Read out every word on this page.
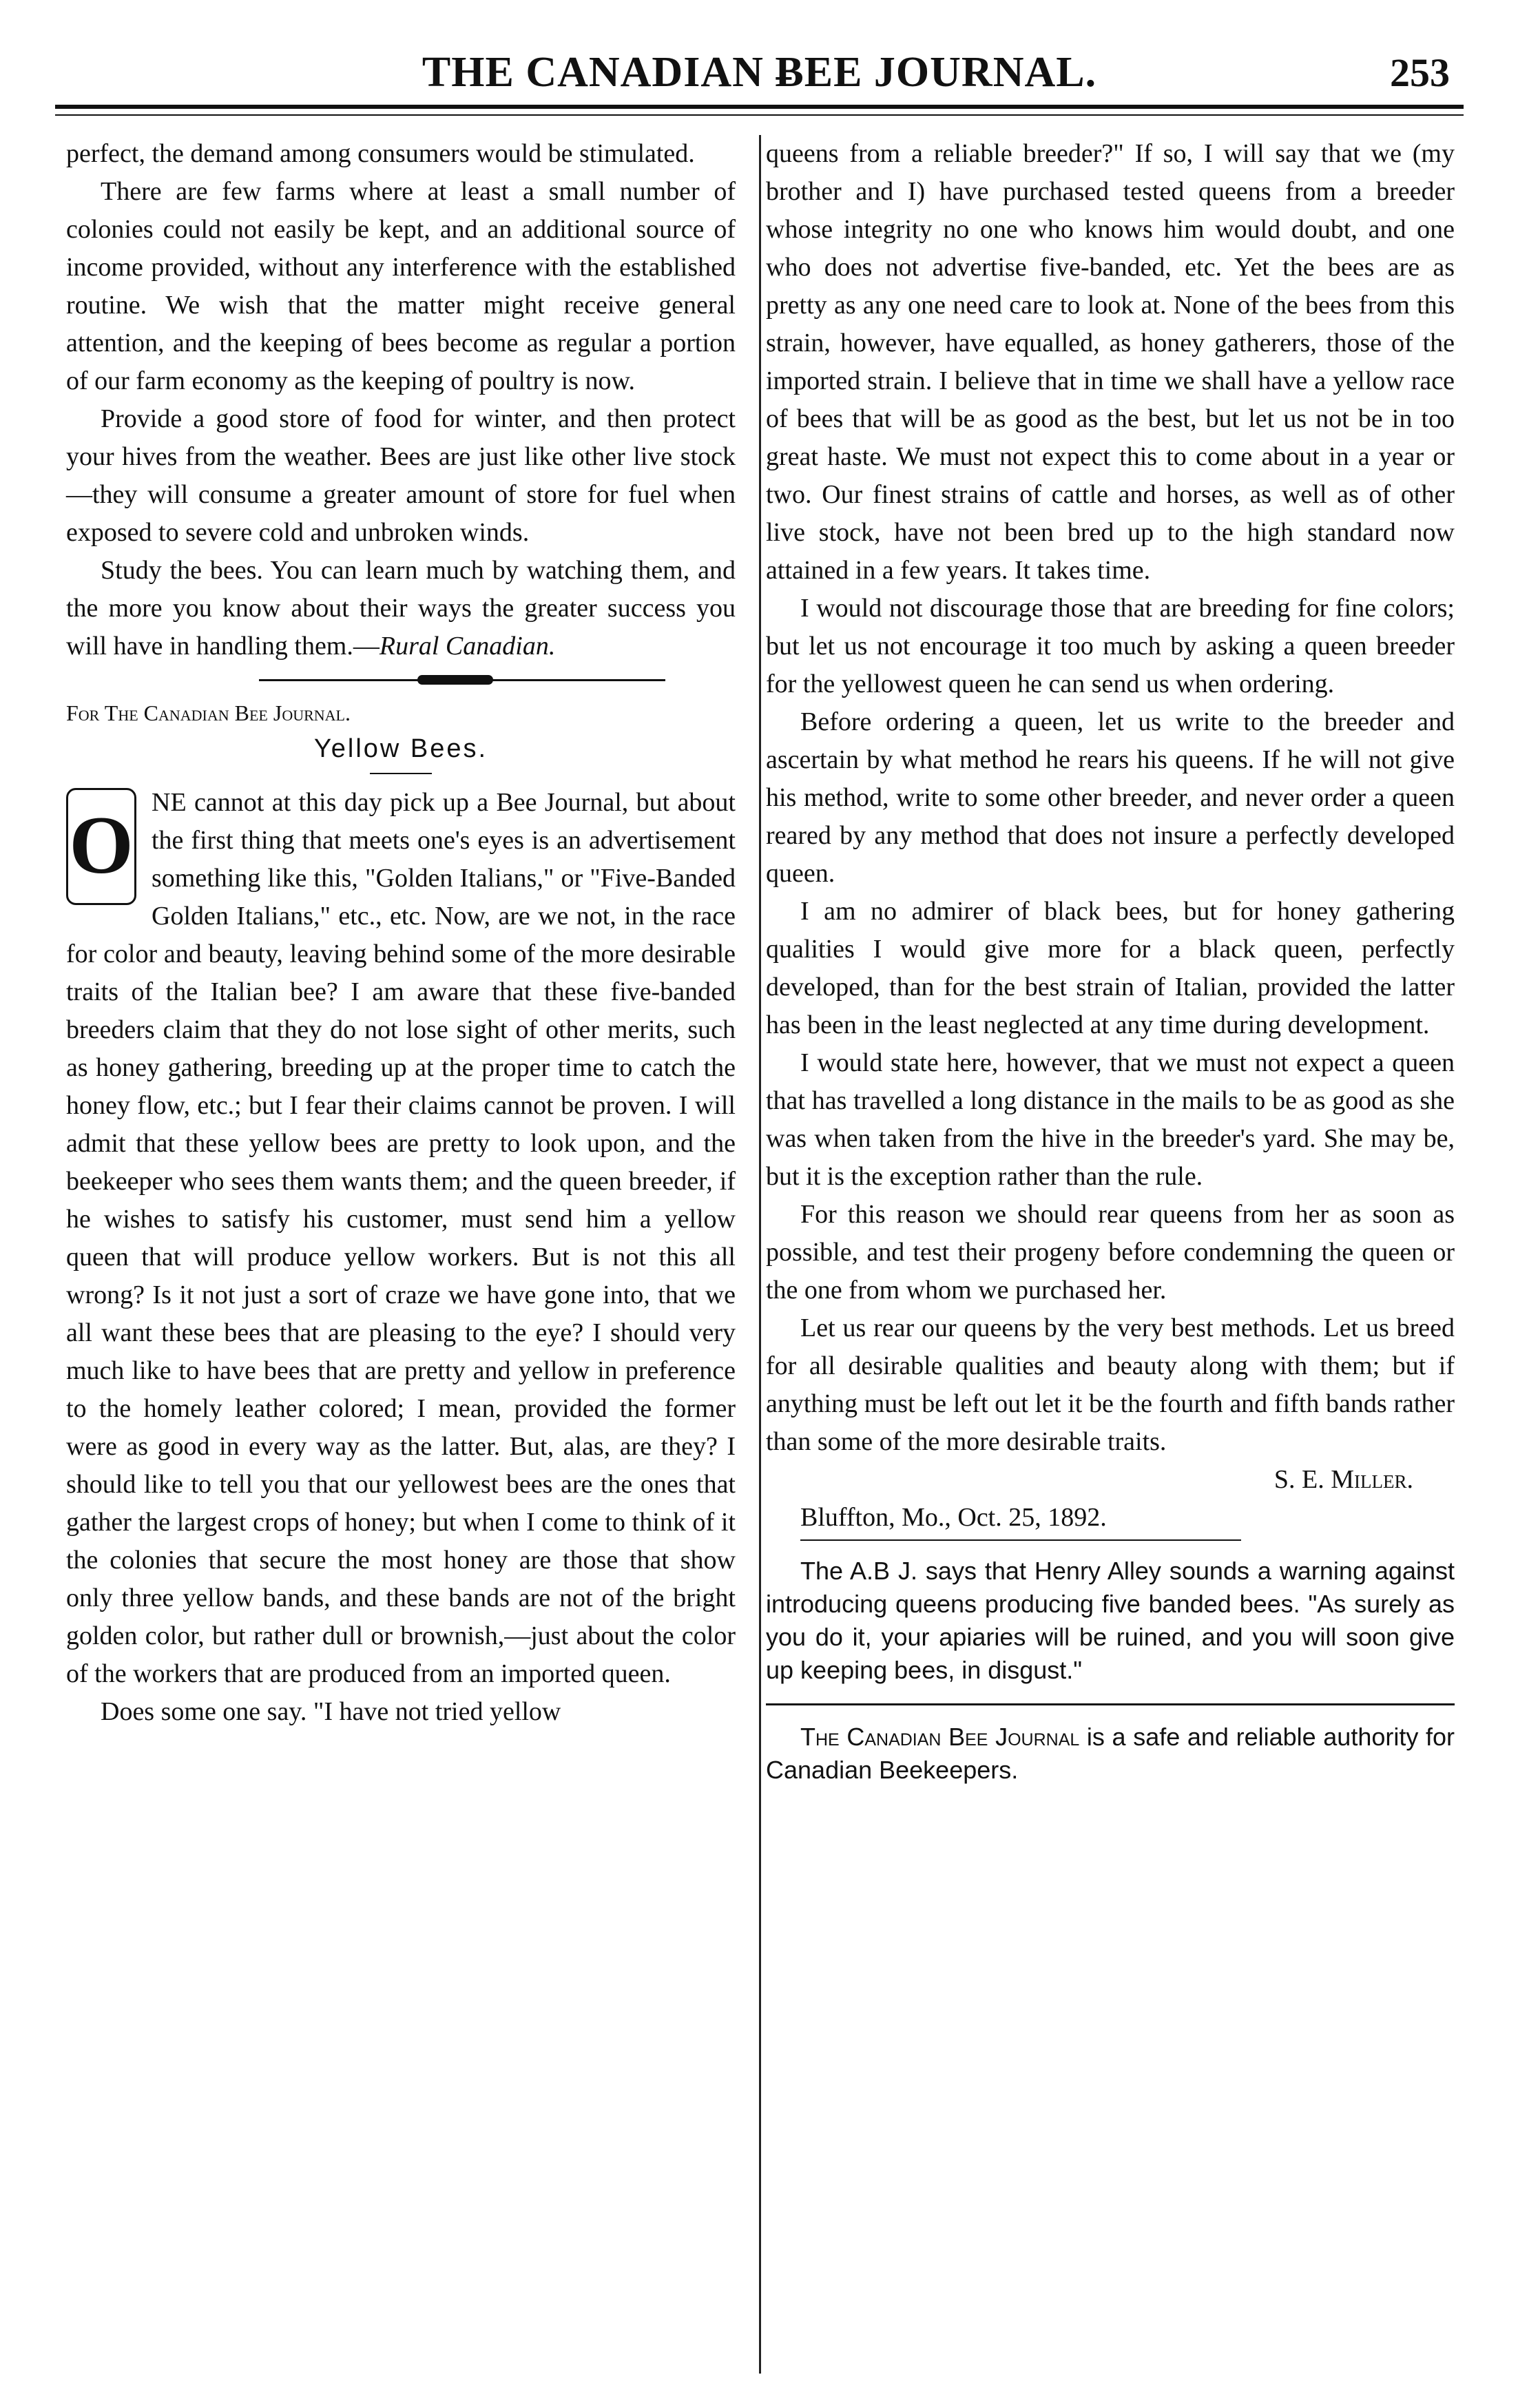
THE CANADIAN ɃEE JOURNAL.	253

perfect, the demand among consumers would be stimulated.

There are few farms where at least a small number of colonies could not easily be kept, and an additional source of income provided, without any interference with the established routine. We wish that the matter might receive general attention, and the keeping of bees become as regular a portion of our farm economy as the keeping of poultry is now.

Provide a good store of food for winter, and then protect your hives from the weather. Bees are just like other live stock —they will consume a greater amount of store for fuel when exposed to severe cold and unbroken winds.

Study the bees. You can learn much by watching them, and the more you know about their ways the greater success you will have in handling them.—Rural Canadian.

For The Canadian Bee Journal.
Yellow Bees.

O NE cannot at this day pick up a Bee Journal, but about the first thing that meets one's eyes is an advertisement something like this, "Golden Italians," or "Five-Banded Golden Italians," etc., etc. Now, are we not, in the race for color and beauty, leaving behind some of the more desirable traits of the Italian bee? I am aware that these five-banded breeders claim that they do not lose sight of other merits, such as honey gathering, breeding up at the proper time to catch the honey flow, etc.; but I fear their claims cannot be proven. I will admit that these yellow bees are pretty to look upon, and the beekeeper who sees them wants them; and the queen breeder, if he wishes to satisfy his customer, must send him a yellow queen that will produce yellow workers. But is not this all wrong? Is it not just a sort of craze we have gone into, that we all want these bees that are pleasing to the eye? I should very much like to have bees that are pretty and yellow in preference to the homely leather colored; I mean, provided the former were as good in every way as the latter. But, alas, are they? I should like to tell you that our yellowest bees are the ones that gather the largest crops of honey; but when I come to think of it the colonies that secure the most honey are those that show only three yellow bands, and these bands are not of the bright golden color, but rather dull or brownish,—just about the color of the workers that are produced from an imported queen.

Does some one say. "I have not tried yellow

queens from a reliable breeder?" If so, I will say that we (my brother and I) have purchased tested queens from a breeder whose integrity no one who knows him would doubt, and one who does not advertise five-banded, etc. Yet the bees are as pretty as any one need care to look at. None of the bees from this strain, however, have equalled, as honey gatherers, those of the imported strain. I believe that in time we shall have a yellow race of bees that will be as good as the best, but let us not be in too great haste. We must not expect this to come about in a year or two. Our finest strains of cattle and horses, as well as of other live stock, have not been bred up to the high standard now attained in a few years. It takes time.

I would not discourage those that are breeding for fine colors; but let us not encourage it too much by asking a queen breeder for the yellowest queen he can send us when ordering.

Before ordering a queen, let us write to the breeder and ascertain by what method he rears his queens. If he will not give his method, write to some other breeder, and never order a queen reared by any method that does not insure a perfectly developed queen.

I am no admirer of black bees, but for honey gathering qualities I would give more for a black queen, perfectly developed, than for the best strain of Italian, provided the latter has been in the least neglected at any time during development.

I would state here, however, that we must not expect a queen that has travelled a long distance in the mails to be as good as she was when taken from the hive in the breeder's yard. She may be, but it is the exception rather than the rule.

For this reason we should rear queens from her as soon as possible, and test their progeny before condemning the queen or the one from whom we purchased her.

Let us rear our queens by the very best methods. Let us breed for all desirable qualities and beauty along with them; but if anything must be left out let it be the fourth and fifth bands rather than some of the more desirable traits.

S. E. Miller.
Bluffton, Mo., Oct. 25, 1892.
The A.B J. says that Henry Alley sounds a warning against introducing queens producing five banded bees. "As surely as you do it, your apiaries will be ruined, and you will soon give up keeping bees, in disgust."
The Canadian Bee Journal is a safe and reliable authority for Canadian Beekeepers.
